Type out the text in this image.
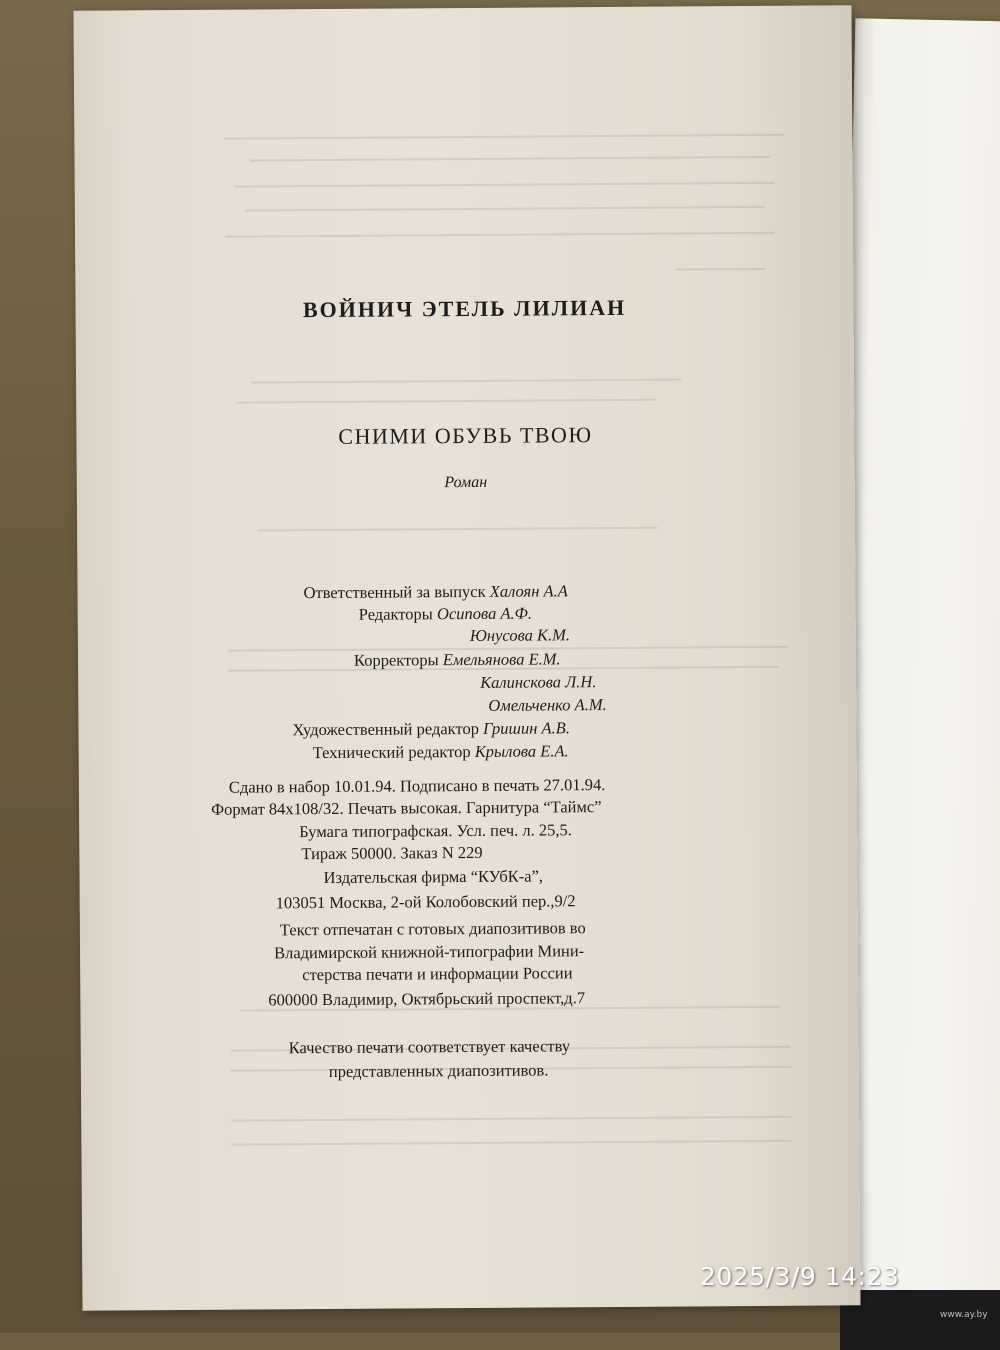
ВОЙНИЧ ЭТЕЛЬ ЛИЛИАН
СНИМИ ОБУВЬ ТВОЮ
Роман
Ответственный за выпуск Халоян А.А
Редакторы Осипова А.Ф.
Юнусова К.М.
Корректоры Емельянова Е.М.
Калинскова Л.Н.
Омельченко А.М.
Художественный редактор Гришин А.В.
Технический редактор Крылова Е.А.
Сдано в набор 10.01.94. Подписано в печать 27.01.94.
Формат 84х108/32. Печать высокая. Гарнитура “Таймс”
Бумага типографская. Усл. печ. л. 25,5.
Тираж 50000. Заказ N 229
Издательская фирма “КУбК-а”,
103051 Москва, 2-ой Колобовский пер.,9/2
Текст отпечатан с готовых диапозитивов во
Владимирской книжной-типографии Мини-
стерства печати и информации России
600000 Владимир, Октябрьский проспект,д.7
Качество печати соответствует качеству
представленных диапозитивов.
2025/3/9 14:23
www.ay.by
